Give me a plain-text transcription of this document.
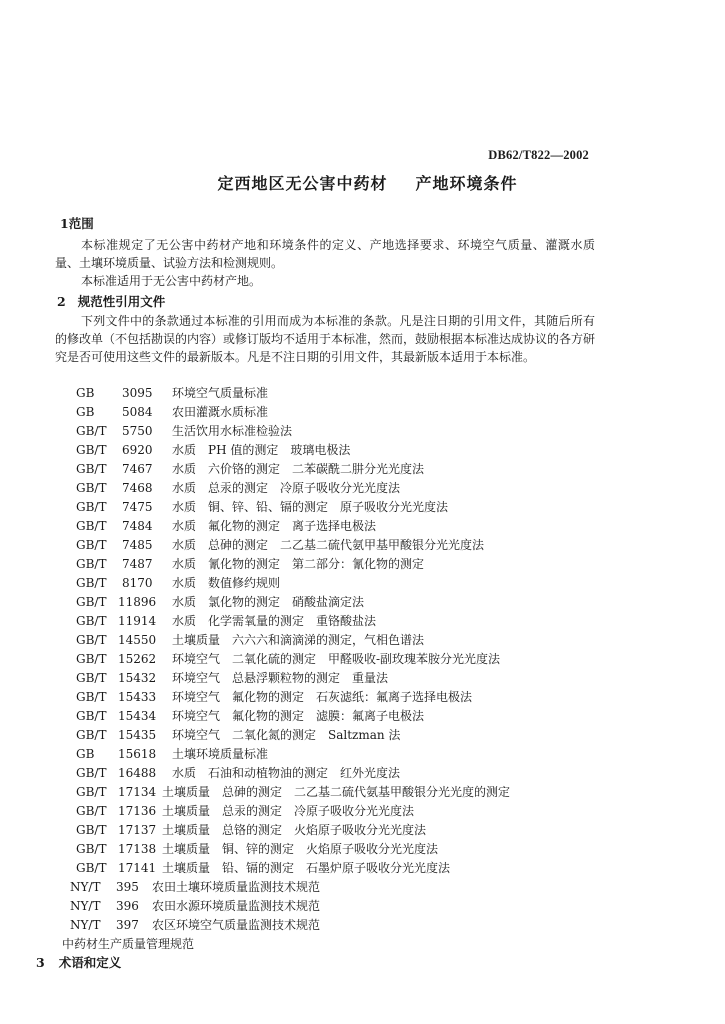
DB62/T822—2002
定西地区无公害中药材 产地环境条件
1范围

本标准规定了无公害中药材产地和环境条件的定义、产地选择要求、环境空气质量、灌溉水质量、土壤环境质量、试验方法和检测规则。

本标准适用于无公害中药材产地。

2 规范性引用文件

下列文件中的条款通过本标准的引用而成为本标准的条款。凡是注日期的引用文件，其随后所有的修改单（不包括勘误的内容）或修订版均不适用于本标准，然而，鼓励根据本标准达成协议的各方研究是否可使用这些文件的最新版本。凡是不注日期的引用文件，其最新版本适用于本标准。

GB 3095 环境空气质量标准
GB 5084 农田灌溉水质标准
GB/T 5750 生活饮用水标准检验法
GB/T 6920 水质　PH 值的测定　玻璃电极法
GB/T 7467 水质　六价铬的测定　二苯碳酰二肼分光光度法
GB/T 7468 水质　总汞的测定　冷原子吸收分光光度法
GB/T 7475 水质　铜、锌、铅、镉的测定　原子吸收分光光度法
GB/T 7484 水质　氟化物的测定　离子选择电极法
GB/T 7485 水质　总砷的测定　二乙基二硫代氨甲基甲酸银分光光度法
GB/T 7487 水质　氰化物的测定　第二部分：氰化物的测定
GB/T 8170 水质　数值修约规则
GB/T 11896 水质　氯化物的测定　硝酸盐滴定法
GB/T 11914 水质　化学需氧量的测定　重铬酸盐法
GB/T 14550 土壤质量　六六六和滴滴涕的测定，气相色谱法
GB/T 15262 环境空气　二氧化硫的测定　甲醛吸收-副玫瑰苯胺分光光度法
GB/T 15432 环境空气　总悬浮颗粒物的测定　重量法
GB/T 15433 环境空气　氟化物的测定　石灰滤纸：氟离子选择电极法
GB/T 15434 环境空气　氟化物的测定　滤膜：氟离子电极法
GB/T 15435 环境空气　二氧化氮的测定　Saltzman 法
GB 15618 土壤环境质量标准
GB/T 16488 水质　石油和动植物油的测定　红外光度法
GB/T 17134 土壤质量　总砷的测定　二乙基二硫代氨基甲酸银分光光度的测定
GB/T 17136 土壤质量　总汞的测定　冷原子吸收分光光度法
GB/T 17137 土壤质量　总铬的测定　火焰原子吸收分光光度法
GB/T 17138 土壤质量　铜、锌的测定　火焰原子吸收分光光度法
GB/T 17141 土壤质量　铅、镉的测定　石墨炉原子吸收分光光度法
NY/T 395 农田土壤环境质量监测技术规范
NY/T 396 农田水源环境质量监测技术规范
NY/T 397 农区环境空气质量监测技术规范
中药材生产质量管理规范
3 术语和定义
